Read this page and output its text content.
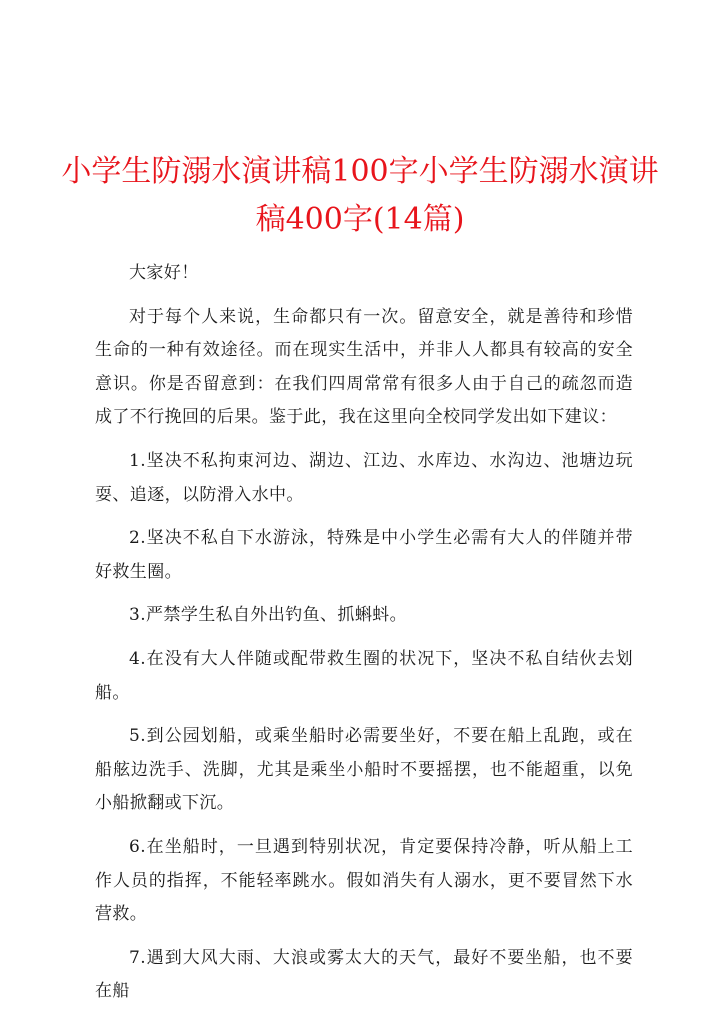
小学生防溺水演讲稿100字小学生防溺水演讲稿400字(14篇)

大家好！

对于每个人来说，生命都只有一次。留意安全，就是善待和珍惜生命的一种有效途径。而在现实生活中，并非人人都具有较高的安全意识。你是否留意到：在我们四周常常有很多人由于自己的疏忽而造成了不行挽回的后果。鉴于此，我在这里向全校同学发出如下建议：

1.坚决不私拘束河边、湖边、江边、水库边、水沟边、池塘边玩耍、追逐，以防滑入水中。

2.坚决不私自下水游泳，特殊是中小学生必需有大人的伴随并带好救生圈。

3.严禁学生私自外出钓鱼、抓蝌蚪。

4.在没有大人伴随或配带救生圈的状况下，坚决不私自结伙去划船。

5.到公园划船，或乘坐船时必需要坐好，不要在船上乱跑，或在船舷边洗手、洗脚，尤其是乘坐小船时不要摇摆，也不能超重，以免小船掀翻或下沉。

6.在坐船时，一旦遇到特别状况，肯定要保持冷静，听从船上工作人员的指挥，不能轻率跳水。假如消失有人溺水，更不要冒然下水营救。

7.遇到大风大雨、大浪或雾太大的天气，最好不要坐船，也不要在船
